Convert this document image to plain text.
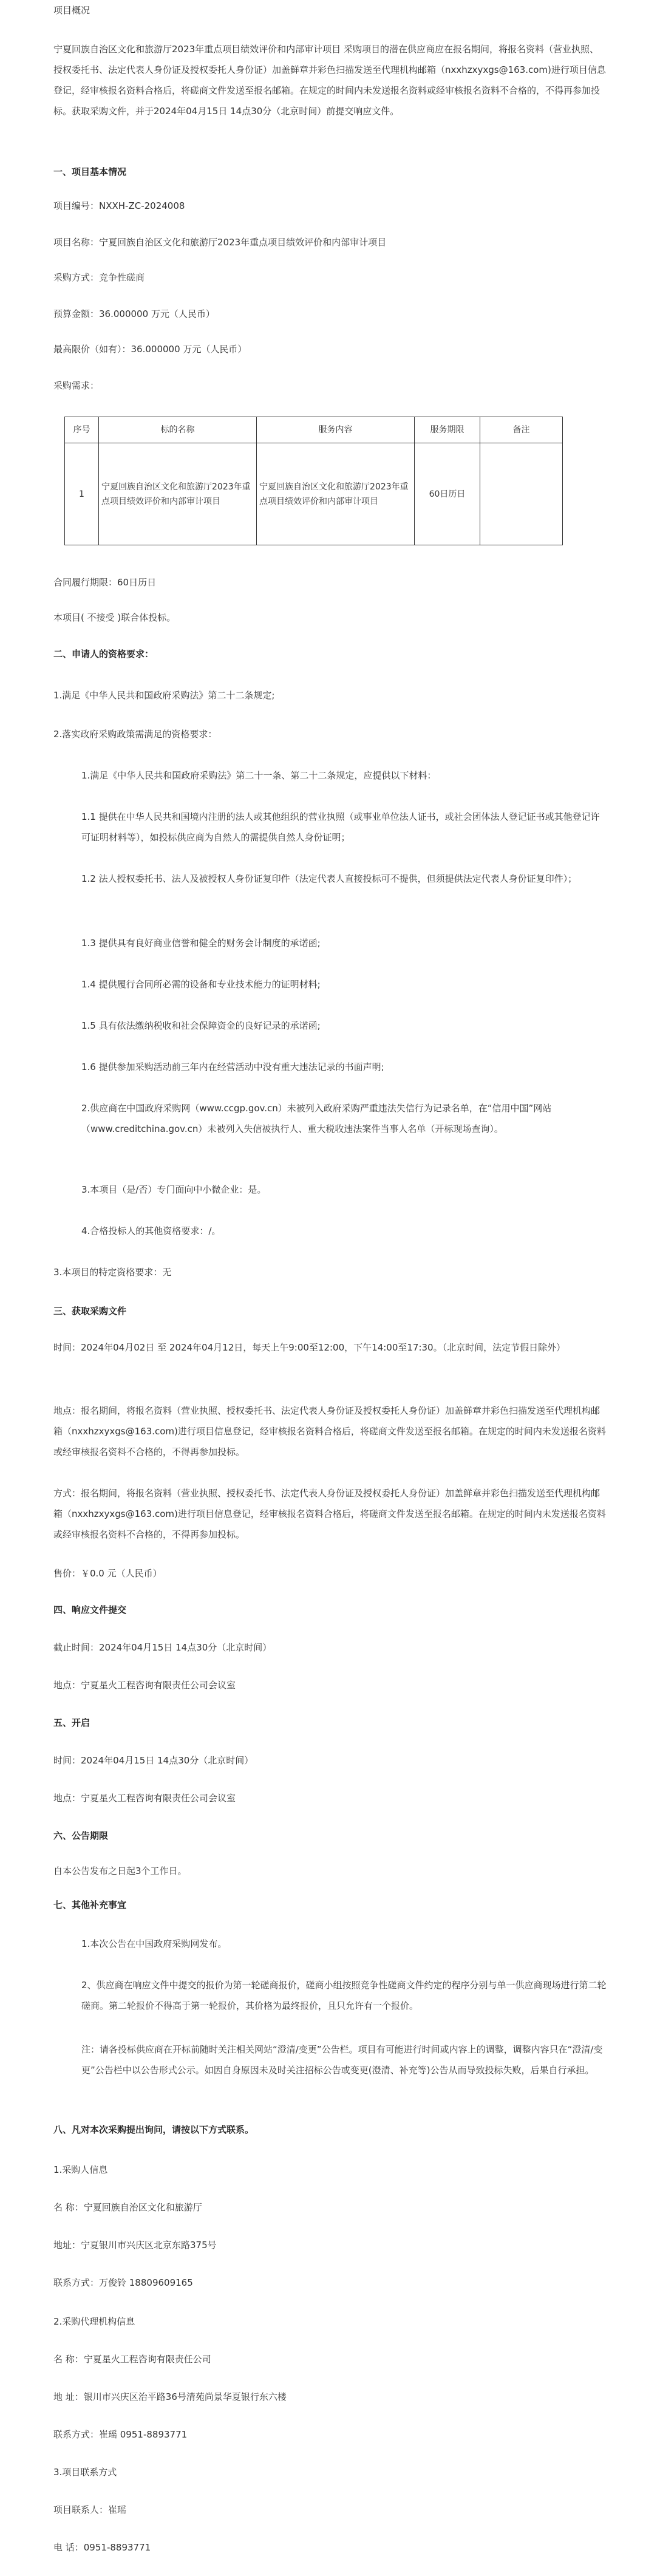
项目概况

宁夏回族自治区文化和旅游厅2023年重点项目绩效评价和内部审计项目 采购项目的潜在供应商应在报名期间，将报名资料（营业执照、授权委托书、法定代表人身份证及授权委托人身份证）加盖鲜章并彩色扫描发送至代理机构邮箱（nxxhzxyxgs@163.com)进行项目信息登记，经审核报名资料合格后，将磋商文件发送至报名邮箱。在规定的时间内未发送报名资料或经审核报名资料不合格的，不得再参加投标。获取采购文件，并于2024年04月15日 14点30分（北京时间）前提交响应文件。

一、项目基本情况

项目编号：NXXH-ZC-2024008

项目名称：宁夏回族自治区文化和旅游厅2023年重点项目绩效评价和内部审计项目

采购方式：竞争性磋商

预算金额：36.000000 万元（人民币）

最高限价（如有）：36.000000 万元（人民币）

采购需求：

序号	标的名称	服务内容	服务期限	备注
1	宁夏回族自治区文化和旅游厅2023年重点项目绩效评价和内部审计项目	宁夏回族自治区文化和旅游厅2023年重点项目绩效评价和内部审计项目	60日历日	

合同履行期限：60日历日

本项目( 不接受 )联合体投标。

二、申请人的资格要求：

1.满足《中华人民共和国政府采购法》第二十二条规定;

2.落实政府采购政策需满足的资格要求：

1.满足《中华人民共和国政府采购法》第二十一条、第二十二条规定，应提供以下材料：

1.1 提供在中华人民共和国境内注册的法人或其他组织的营业执照（或事业单位法人证书，或社会团体法人登记证书或其他登记许可证明材料等），如投标供应商为自然人的需提供自然人身份证明；

1.2 法人授权委托书、法人及被授权人身份证复印件（法定代表人直接投标可不提供，但须提供法定代表人身份证复印件）；

1.3 提供具有良好商业信誉和健全的财务会计制度的承诺函;

1.4 提供履行合同所必需的设备和专业技术能力的证明材料;

1.5 具有依法缴纳税收和社会保障资金的良好记录的承诺函;

1.6 提供参加采购活动前三年内在经营活动中没有重大违法记录的书面声明;

2.供应商在中国政府采购网（www.ccgp.gov.cn）未被列入政府采购严重违法失信行为记录名单，在“信用中国”网站（www.creditchina.gov.cn）未被列入失信被执行人、重大税收违法案件当事人名单（开标现场查询）。

3.本项目（是/否）专门面向中小微企业：是。

4.合格投标人的其他资格要求：/。

3.本项目的特定资格要求：无

三、获取采购文件

时间：2024年04月02日 至 2024年04月12日，每天上午9:00至12:00，下午14:00至17:30。（北京时间，法定节假日除外）

地点：报名期间，将报名资料（营业执照、授权委托书、法定代表人身份证及授权委托人身份证）加盖鲜章并彩色扫描发送至代理机构邮箱（nxxhzxyxgs@163.com)进行项目信息登记，经审核报名资料合格后，将磋商文件发送至报名邮箱。在规定的时间内未发送报名资料或经审核报名资料不合格的，不得再参加投标。

方式：报名期间，将报名资料（营业执照、授权委托书、法定代表人身份证及授权委托人身份证）加盖鲜章并彩色扫描发送至代理机构邮箱（nxxhzxyxgs@163.com)进行项目信息登记，经审核报名资料合格后，将磋商文件发送至报名邮箱。在规定的时间内未发送报名资料或经审核报名资料不合格的，不得再参加投标。

售价：￥0.0 元（人民币）

四、响应文件提交

截止时间：2024年04月15日 14点30分（北京时间）

地点：宁夏星火工程咨询有限责任公司会议室

五、开启

时间：2024年04月15日 14点30分（北京时间）

地点：宁夏星火工程咨询有限责任公司会议室

六、公告期限

自本公告发布之日起3个工作日。

七、其他补充事宜

1.本次公告在中国政府采购网发布。

2、供应商在响应文件中提交的报价为第一轮磋商报价，磋商小组按照竞争性磋商文件约定的程序分别与单一供应商现场进行第二轮磋商。第二轮报价不得高于第一轮报价，其价格为最终报价，且只允许有一个报价。

注：请各投标供应商在开标前随时关注相关网站“澄清/变更”公告栏。项目有可能进行时间或内容上的调整，调整内容只在“澄清/变更”公告栏中以公告形式公示。如因自身原因未及时关注招标公告或变更(澄清、补充等)公告从而导致投标失败，后果自行承担。

八、凡对本次采购提出询问，请按以下方式联系。

1.采购人信息

名 称：宁夏回族自治区文化和旅游厅

地址：宁夏银川市兴庆区北京东路375号

联系方式：万俊铃 18809609165

2.采购代理机构信息

名 称：宁夏星火工程咨询有限责任公司

地 址：银川市兴庆区治平路36号清苑尚景华夏银行东六楼

联系方式：崔瑶 0951-8893771

3.项目联系方式

项目联系人：崔瑶

电 话：0951-8893771
